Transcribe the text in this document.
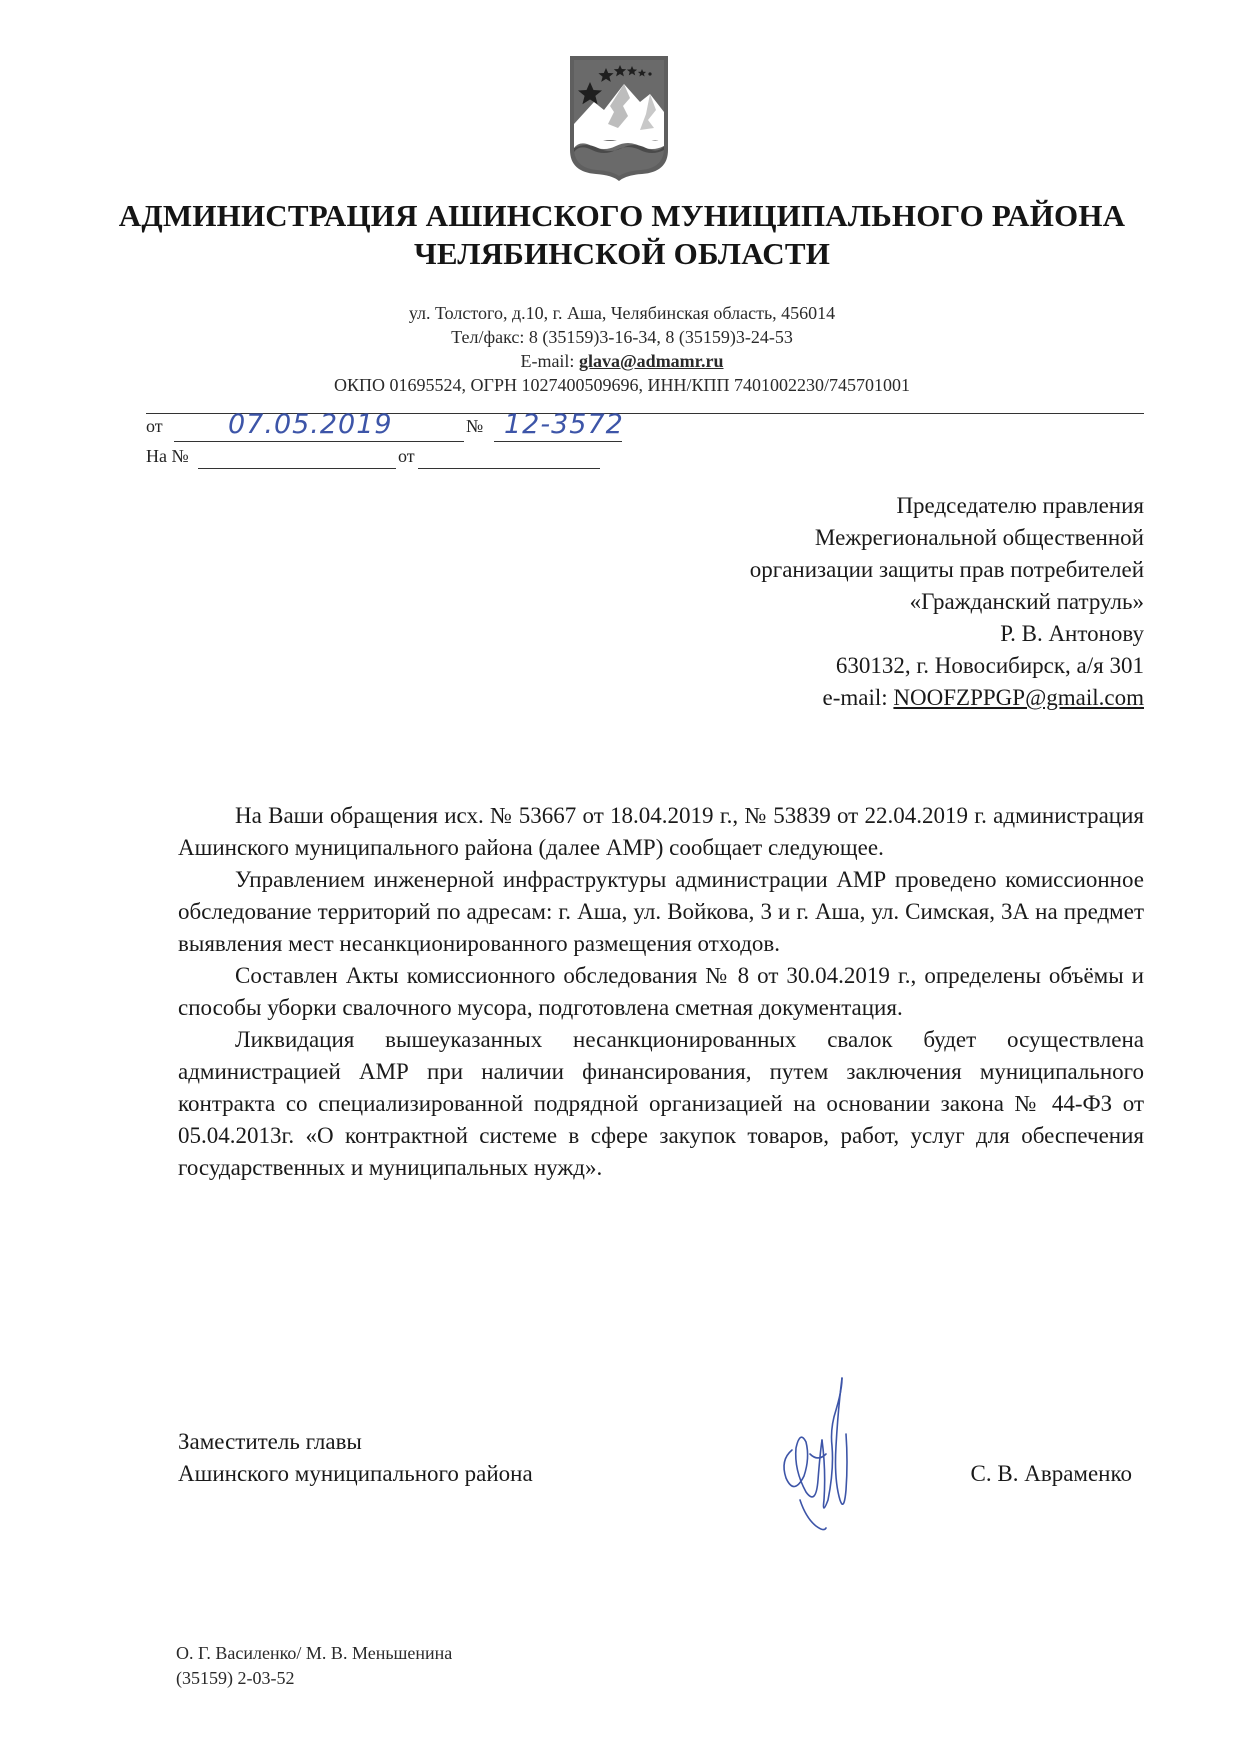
АДМИНИСТРАЦИЯ АШИНСКОГО МУНИЦИПАЛЬНОГО РАЙОНА
ЧЕЛЯБИНСКОЙ ОБЛАСТИ
ул. Толстого, д.10, г. Аша, Челябинская область, 456014
Тел/факс: 8 (35159)3-16-34, 8 (35159)3-24-53
E-mail: glava@admamr.ru
ОКПО 01695524, ОГРН 1027400509696, ИНН/КПП 7401002230/745701001
от 07.05.2019	№ 12-3572
На №	от
Председателю правления
Межрегиональной общественной
организации защиты прав потребителей
«Гражданский патруль»
Р. В. Антонову
630132, г. Новосибирск, а/я 301
e-mail: NOOFZPPGP@gmail.com

На Ваши обращения исх. № 53667 от 18.04.2019 г., № 53839 от 22.04.2019 г. администрация Ашинского муниципального района (далее АМР) сообщает следующее.

Управлением инженерной инфраструктуры администрации АМР проведено комиссионное обследование территорий по адресам: г. Аша, ул. Войкова, 3 и г. Аша, ул. Симская, 3А на предмет выявления мест несанкционированного размещения отходов.

Составлен Акты комиссионного обследования № 8 от 30.04.2019 г., определены объёмы и способы уборки свалочного мусора, подготовлена сметная документация.

Ликвидация вышеуказанных несанкционированных свалок будет осуществлена администрацией АМР при наличии финансирования, путем заключения муниципального контракта со специализированной подрядной организацией на основании закона № 44-ФЗ от 05.04.2013г. «О контрактной системе в сфере закупок товаров, работ, услуг для обеспечения государственных и муниципальных нужд».

Заместитель главы
Ашинского муниципального района	С. В. Авраменко
О. Г. Василенко/ М. В. Меньшенина
(35159) 2-03-52
